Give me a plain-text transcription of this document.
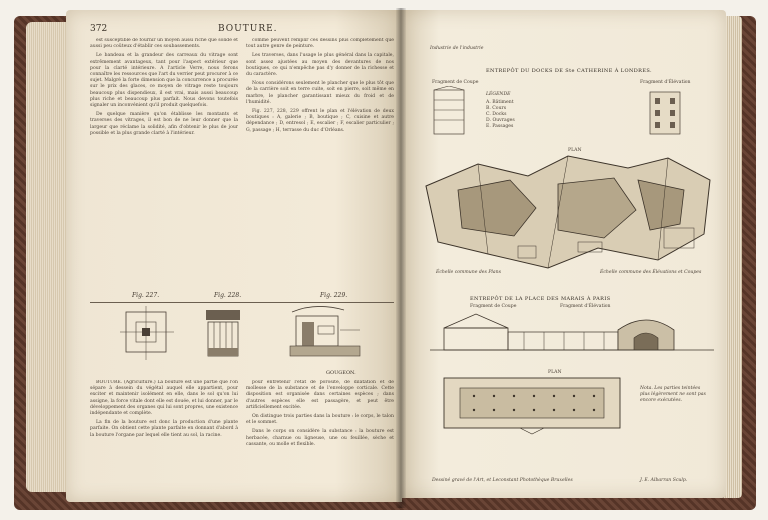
372	BOUTURE.

est susceptible de fournir un moyen aussi riche que solide et aussi peu coûteux d'établir ces soubassements.

Le bandeau et la grandeur des carreaux du vitrage sont extrêmement avantageux, tant pour l'aspect extérieur que pour la clarté intérieure. A l'article Verre, nous ferons connaître les ressources que l'art du verrier peut procurer à ce sujet. Malgré la forte dimension que la concurrence a procurée sur le prix des glaces, ce moyen de vitrage reste toujours beaucoup plus dispendieux, il est vrai, mais aussi beaucoup plus riche et beaucoup plus parfait. Nous devons toutefois signaler un inconvénient qu'il produit quelquefois.

De quelque manière qu'on établisse les montants et traverses des vitrages, il est bon de ne leur donner que la largeur que réclame la solidité, afin d'obtenir le plus de jour possible et la plus grande clarté à l'intérieur.

comme peuvent remplir ces dessins plus complètement que tout autre genre de peinture.

Les traverses, dans l'usage le plus général dans la capitale, sont assez ajustées au moyen des devantures de nos boutiques, ce qui n'empêche pas d'y donner de la richesse et du caractère.

Nous considérons seulement le plancher que le plus tôt que de la carrière soit en terre cuite, soit en pierre, soit même en marbre, le plancher garantissant mieux du froid et de l'humidité.

Fig. 227, 228, 229 offrent le plan et l'élévation de deux boutiques : A, galerie ; B, boutique ; C, cuisine et autre dépendance ; D, entresol ; E, escalier ; F, escalier particulier ; G, passage ; H, terrasse du duc d'Orléans.

Fig. 227.	Fig. 228.	Fig. 229.
GOUGEON.

BOUTURE. (Agriculture.) La bouture est une partie que l'on sépare à dessein du végétal auquel elle appartient, pour exciter et maintenir isolément en elle, dans le sol qu'on lui assigne, la force vitale dont elle est douée, et lui donner, par le développement des organes qui lui sont propres, une existence indépendante et complète.

La fin de la bouture est donc la production d'une plante parfaite. On obtient cette plante parfaite en donnant d'abord à la bouture l'organe par lequel elle tient au sol, la racine.

pour entretenir l'état de porosité, de dilatation et de mollesse de la substance et de l'enveloppe corticale. Cette disposition est organisée dans certaines espèces ; dans d'autres espèces elle est passagère, et peut être artificiellement excitée.

On distingue trois parties dans la bouture : le corps, le talon et le sommet.

Dans le corps on considère la substance : la bouture est herbacée, charnue ou ligneuse, une ou feuillée, sèche et cassante, ou molle et flexible.

Industrie de l'industrie
ENTREPÔT DU DOCKS DE Ste CATHERINE À LONDRES.
Fragment de Coupe	Fragment d'Élévation
LÉGENDE
A. Bâtiment
B. Cours
C. Docks
D. Ouvrages
E. Passages
PLAN
Échelle commune des Plans	Échelle commune des Élévations et Coupes
ENTREPÔT DE LA PLACE DES MARAIS À PARIS
Fragment de Coupe	Fragment d'Élévation
PLAN
Nota. Les parties teintées plus légèrement ne sont pas encore exécutées.
Dessiné gravé de l'Art, et Leconstant Photothèque Bruxelles	J. E. Albarran Sculp.
